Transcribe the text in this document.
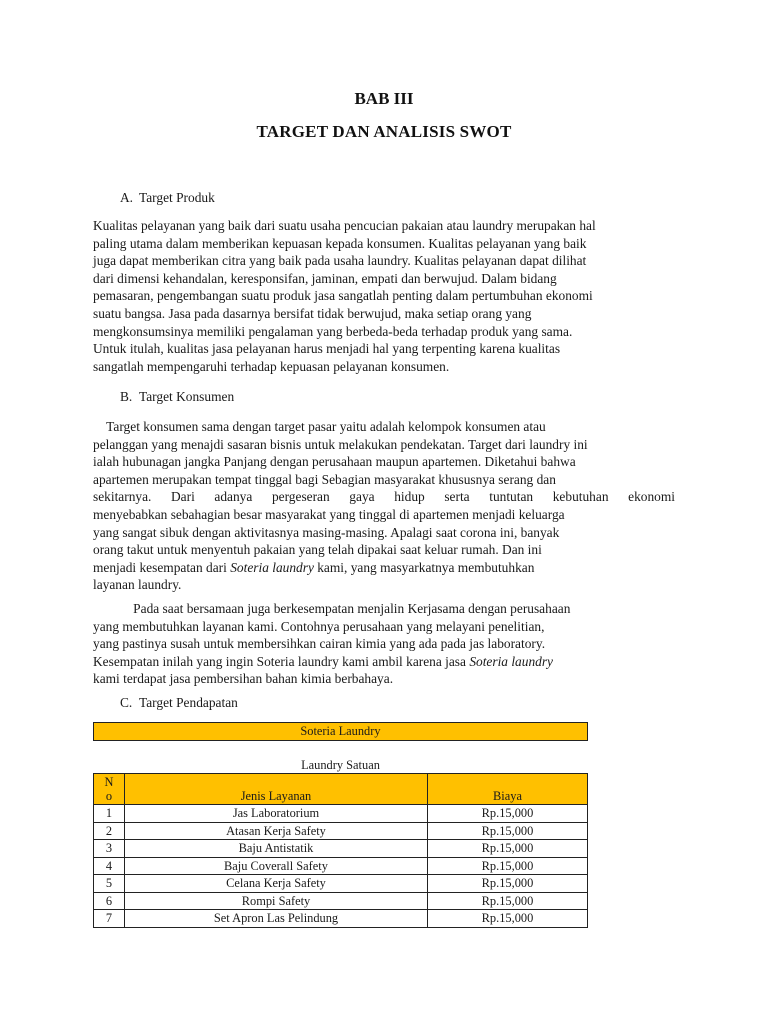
BAB III
TARGET DAN ANALISIS SWOT

A. Target Produk

Kualitas pelayanan yang baik dari suatu usaha pencucian pakaian atau laundry merupakan hal
paling utama dalam memberikan kepuasan kepada konsumen. Kualitas pelayanan yang baik
juga dapat memberikan citra yang baik pada usaha laundry. Kualitas pelayanan dapat dilihat
dari dimensi kehandalan, keresponsifan, jaminan, empati dan berwujud. Dalam bidang
pemasaran, pengembangan suatu produk jasa sangatlah penting dalam pertumbuhan ekonomi
suatu bangsa. Jasa pada dasarnya bersifat tidak berwujud, maka setiap orang yang
mengkonsumsinya memiliki pengalaman yang berbeda-beda terhadap produk yang sama.
Untuk itulah, kualitas jasa pelayanan harus menjadi hal yang terpenting karena kualitas
sangatlah mempengaruhi terhadap kepuasan pelayanan konsumen.

B. Target Konsumen

Target konsumen sama dengan target pasar yaitu adalah kelompok konsumen atau
pelanggan yang menajdi sasaran bisnis untuk melakukan pendekatan. Target dari laundry ini
ialah hubunagan jangka Panjang dengan perusahaan maupun apartemen. Diketahui bahwa
apartemen merupakan tempat tinggal bagi Sebagian masyarakat khususnya serang dan
sekitarnya. Dari adanya pergeseran gaya hidup serta tuntutan kebutuhan ekonomi
menyebabkan sebahagian besar masyarakat yang tinggal di apartemen menjadi keluarga
yang sangat sibuk dengan aktivitasnya masing-masing. Apalagi saat corona ini, banyak
orang takut untuk menyentuh pakaian yang telah dipakai saat keluar rumah. Dan ini
menjadi kesempatan dari Soteria laundry kami, yang masyarkatnya membutuhkan
layanan laundry.
Pada saat bersamaan juga berkesempatan menjalin Kerjasama dengan perusahaan
yang membutuhkan layanan kami. Contohnya perusahaan yang melayani penelitian,
yang pastinya susah untuk membersihkan cairan kimia yang ada pada jas laboratory.
Kesempatan inilah yang ingin Soteria laundry kami ambil karena jasa Soteria laundry
kami terdapat jasa pembersihan bahan kimia berbahaya.

C. Target Pendapatan

Soteria Laundry
Laundry Satuan
N
o	Jenis Layanan	Biaya
1	Jas Laboratorium	Rp.15,000
2	Atasan Kerja Safety	Rp.15,000
3	Baju Antistatik	Rp.15,000
4	Baju Coverall Safety	Rp.15,000
5	Celana Kerja Safety	Rp.15,000
6	Rompi Safety	Rp.15,000
7	Set Apron Las Pelindung	Rp.15,000
